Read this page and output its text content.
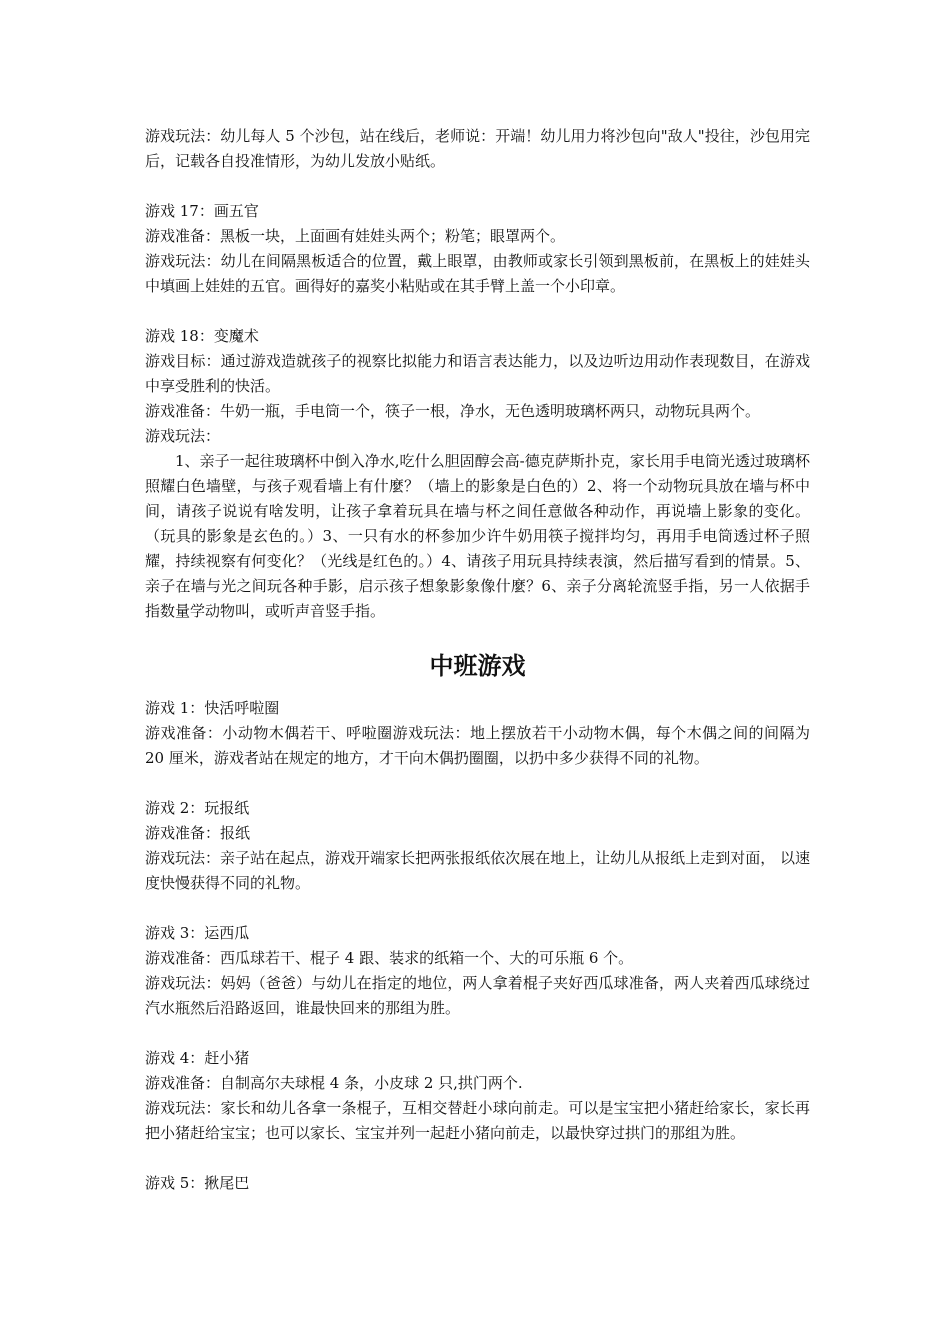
游戏玩法：幼儿每人 5 个沙包，站在线后，老师说：开端！幼儿用力将沙包向"敌人"投往，沙包用完后，记载各自投准情形，为幼儿发放小贴纸。

游戏 17：画五官

游戏准备：黑板一块，上面画有娃娃头两个；粉笔；眼罩两个。

游戏玩法：幼儿在间隔黑板适合的位置，戴上眼罩，由教师或家长引领到黑板前，在黑板上的娃娃头中填画上娃娃的五官。画得好的嘉奖小粘贴或在其手臂上盖一个小印章。

游戏 18：变魔术

游戏目标：通过游戏造就孩子的视察比拟能力和语言表达能力，以及边听边用动作表现数目，在游戏中享受胜利的快活。

游戏准备：牛奶一瓶，手电筒一个，筷子一根，净水，无色透明玻璃杯两只，动物玩具两个。

游戏玩法：

1、亲子一起往玻璃杯中倒入净水,吃什么胆固醇会高-德克萨斯扑克，家长用手电筒光透过玻璃杯照耀白色墙壁，与孩子观看墙上有什麼？（墙上的影象是白色的）2、将一个动物玩具放在墙与杯中间，请孩子说说有啥发明，让孩子拿着玩具在墙与杯之间任意做各种动作，再说墙上影象的变化。（玩具的影象是玄色的。）3、一只有水的杯参加少许牛奶用筷子搅拌均匀，再用手电筒透过杯子照耀，持续视察有何变化？（光线是红色的。）4、请孩子用玩具持续表演，然后描写看到的情景。5、亲子在墙与光之间玩各种手影，启示孩子想象影象像什麼？6、亲子分离轮流竖手指，另一人依据手指数量学动物叫，或听声音竖手指。

中班游戏

游戏 1：快活呼啦圈

游戏准备：小动物木偶若干、呼啦圈游戏玩法：地上摆放若干小动物木偶，每个木偶之间的间隔为 20 厘米，游戏者站在规定的地方，才干向木偶扔圈圈，以扔中多少获得不同的礼物。

游戏 2：玩报纸

游戏准备：报纸

游戏玩法：亲子站在起点，游戏开端家长把两张报纸依次展在地上，让幼儿从报纸上走到对面， 以速度快慢获得不同的礼物。

游戏 3：运西瓜

游戏准备：西瓜球若干、棍子 4 跟、装求的纸箱一个、大的可乐瓶 6 个。

游戏玩法：妈妈（爸爸）与幼儿在指定的地位，两人拿着棍子夹好西瓜球准备，两人夹着西瓜球绕过汽水瓶然后沿路返回，谁最快回来的那组为胜。

游戏 4：赶小猪

游戏准备：自制高尔夫球棍 4 条，小皮球 2 只,拱门两个.

游戏玩法：家长和幼儿各拿一条棍子，互相交替赶小球向前走。可以是宝宝把小猪赶给家长，家长再把小猪赶给宝宝；也可以家长、宝宝并列一起赶小猪向前走，以最快穿过拱门的那组为胜。

游戏 5：揪尾巴
